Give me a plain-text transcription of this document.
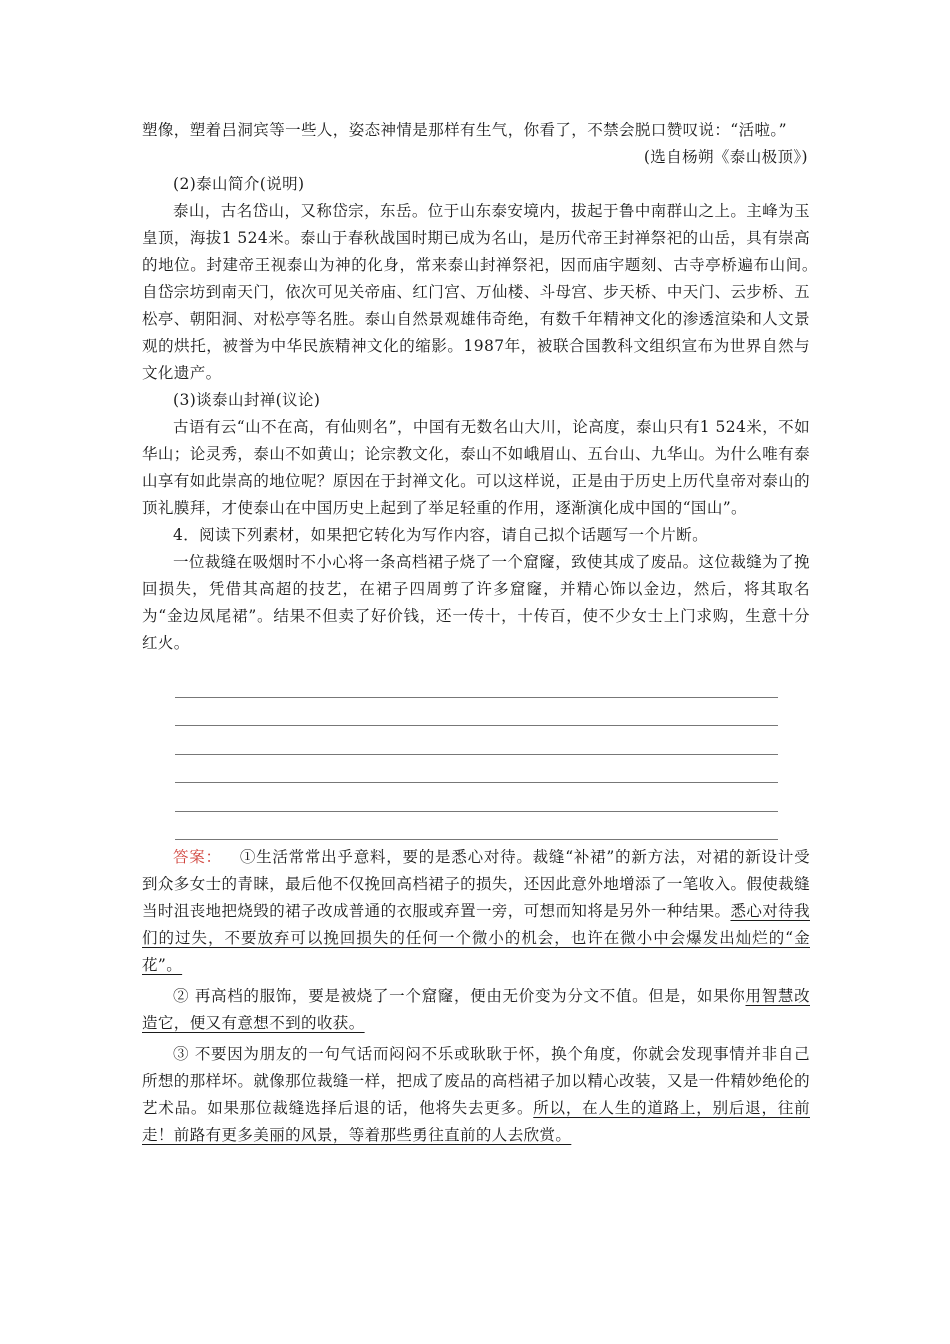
塑像，塑着吕洞宾等一些人，姿态神情是那样有生气，你看了，不禁会脱口赞叹说：“活啦。”

(选自杨朔《泰山极顶》)

(2)泰山简介(说明)

泰山，古名岱山，又称岱宗，东岳。位于山东泰安境内，拔起于鲁中南群山之上。主峰为玉皇顶，海拔1 524米。泰山于春秋战国时期已成为名山，是历代帝王封禅祭祀的山岳，具有崇高的地位。封建帝王视泰山为神的化身，常来泰山封禅祭祀，因而庙宇题刻、古寺亭桥遍布山间。　自岱宗坊到南天门，依次可见关帝庙、红门宫、万仙楼、斗母宫、步天桥、中天门、云步桥、五松亭、朝阳洞、对松亭等名胜。泰山自然景观雄伟奇绝，有数千年精神文化的渗透渲染和人文景观的烘托，被誉为中华民族精神文化的缩影。1987年，被联合国教科文组织宣布为世界自然与文化遗产。

(3)谈泰山封禅(议论)

古语有云“山不在高，有仙则名”，中国有无数名山大川，论高度，泰山只有1 524米，不如华山；论灵秀，泰山不如黄山；论宗教文化，泰山不如峨眉山、五台山、九华山。为什么唯有泰山享有如此崇高的地位呢？原因在于封禅文化。可以这样说，正是由于历史上历代皇帝对泰山的顶礼膜拜，才使泰山在中国历史上起到了举足轻重的作用，逐渐演化成中国的“国山”。

4．阅读下列素材，如果把它转化为写作内容，请自己拟个话题写一个片断。

一位裁缝在吸烟时不小心将一条高档裙子烧了一个窟窿，致使其成了废品。这位裁缝为了挽回损失，凭借其高超的技艺，在裙子四周剪了许多窟窿，并精心饰以金边，然后，将其取名为“金边凤尾裙”。结果不但卖了好价钱，还一传十，十传百，使不少女士上门求购，生意十分红火。

答案： ①生活常常出乎意料，要的是悉心对待。裁缝“补裙”的新方法，对裙的新设计受到众多女士的青睐，最后他不仅挽回高档裙子的损失，还因此意外地增添了一笔收入。假使裁缝当时沮丧地把烧毁的裙子改成普通的衣服或弃置一旁，可想而知将是另外一种结果。悉心对待我们的过失，不要放弃可以挽回损失的任何一个微小的机会，也许在微小中会爆发出灿烂的“金花”。

② 再高档的服饰，要是被烧了一个窟窿，便由无价变为分文不值。但是，如果你用智慧改造它，便又有意想不到的收获。

③ 不要因为朋友的一句气话而闷闷不乐或耿耿于怀，换个角度，你就会发现事情并非自己所想的那样坏。就像那位裁缝一样，把成了废品的高档裙子加以精心改装，又是一件精妙绝伦的艺术品。如果那位裁缝选择后退的话，他将失去更多。所以，在人生的道路上，别后退，往前走！前路有更多美丽的风景，等着那些勇往直前的人去欣赏。
